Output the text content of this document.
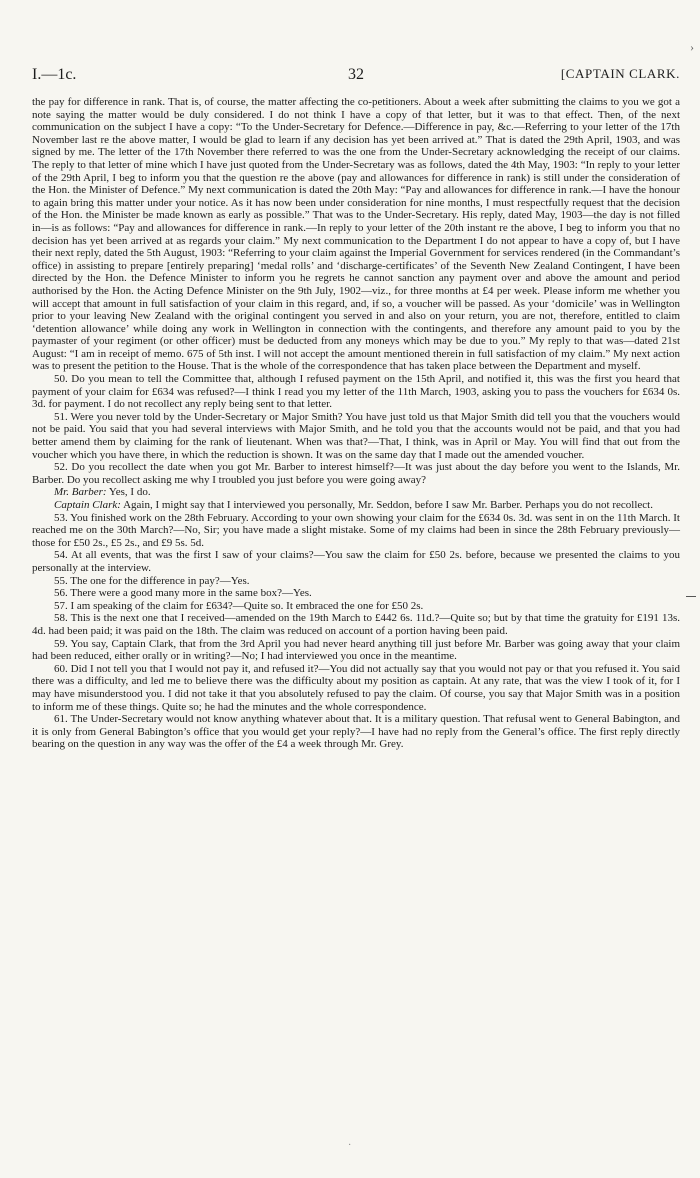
›
I.—1c.	32	[CAPTAIN CLARK.

the pay for difference in rank. That is, of course, the matter affecting the co-petitioners. About a week after submitting the claims to you we got a note saying the matter would be duly considered. I do not think I have a copy of that letter, but it was to that effect. Then, of the next communication on the subject I have a copy: “To the Under-Secretary for Defence.—Difference in pay, &c.—Referring to your letter of the 17th November last re the above matter, I would be glad to learn if any decision has yet been arrived at.” That is dated the 29th April, 1903, and was signed by me. The letter of the 17th November there referred to was the one from the Under-Secretary acknowledging the receipt of our claims. The reply to that letter of mine which I have just quoted from the Under-Secretary was as follows, dated the 4th May, 1903: “In reply to your letter of the 29th April, I beg to inform you that the question re the above (pay and allowances for difference in rank) is still under the consideration of the Hon. the Minister of Defence.” My next communication is dated the 20th May: “Pay and allowances for difference in rank.—I have the honour to again bring this matter under your notice. As it has now been under consideration for nine months, I must respectfully request that the decision of the Hon. the Minister be made known as early as possible.” That was to the Under-Secretary. His reply, dated May, 1903—the day is not filled in—is as follows: “Pay and allowances for difference in rank.—In reply to your letter of the 20th instant re the above, I beg to inform you that no decision has yet been arrived at as regards your claim.” My next communication to the Department I do not appear to have a copy of, but I have their next reply, dated the 5th August, 1903: “Referring to your claim against the Imperial Government for services rendered (in the Commandant’s office) in assisting to prepare [entirely preparing] ‘medal rolls’ and ‘discharge-certificates’ of the Seventh New Zealand Contingent, I have been directed by the Hon. the Defence Minister to inform you he regrets he cannot sanction any payment over and above the amount and period authorised by the Hon. the Acting Defence Minister on the 9th July, 1902—viz., for three months at £4 per week. Please inform me whether you will accept that amount in full satisfaction of your claim in this regard, and, if so, a voucher will be passed. As your ‘domicile’ was in Wellington prior to your leaving New Zealand with the original contingent you served in and also on your return, you are not, therefore, entitled to claim ‘detention allowance’ while doing any work in Wellington in connection with the contingents, and therefore any amount paid to you by the paymaster of your regiment (or other officer) must be deducted from any moneys which may be due to you.” My reply to that was—dated 21st August: “I am in receipt of memo. 675 of 5th inst. I will not accept the amount mentioned therein in full satisfaction of my claim.” My next action was to present the petition to the House. That is the whole of the correspondence that has taken place between the Department and myself.

50. Do you mean to tell the Committee that, although I refused payment on the 15th April, and notified it, this was the first you heard that payment of your claim for £634 was refused?—I think I read you my letter of the 11th March, 1903, asking you to pass the vouchers for £634 0s. 3d. for payment. I do not recollect any reply being sent to that letter.

51. Were you never told by the Under-Secretary or Major Smith? You have just told us that Major Smith did tell you that the vouchers would not be paid. You said that you had several interviews with Major Smith, and he told you that the accounts would not be paid, and that you had better amend them by claiming for the rank of lieutenant. When was that?—That, I think, was in April or May. You will find that out from the voucher which you have there, in which the reduction is shown. It was on the same day that I made out the amended voucher.

52. Do you recollect the date when you got Mr. Barber to interest himself?—It was just about the day before you went to the Islands, Mr. Barber. Do you recollect asking me why I troubled you just before you were going away?

Mr. Barber: Yes, I do.

Captain Clark: Again, I might say that I interviewed you personally, Mr. Seddon, before I saw Mr. Barber. Perhaps you do not recollect.

53. You finished work on the 28th February. According to your own showing your claim for the £634 0s. 3d. was sent in on the 11th March. It reached me on the 30th March?—No, Sir; you have made a slight mistake. Some of my claims had been in since the 28th February previously—those for £50 2s., £5 2s., and £9 5s. 5d.

54. At all events, that was the first I saw of your claims?—You saw the claim for £50 2s. before, because we presented the claims to you personally at the interview.

55. The one for the difference in pay?—Yes.

56. There were a good many more in the same box?—Yes.

57. I am speaking of the claim for £634?—Quite so. It embraced the one for £50 2s.

58. This is the next one that I received—amended on the 19th March to £442 6s. 11d.?—Quite so; but by that time the gratuity for £191 13s. 4d. had been paid; it was paid on the 18th. The claim was reduced on account of a portion having been paid.

59. You say, Captain Clark, that from the 3rd April you had never heard anything till just before Mr. Barber was going away that your claim had been reduced, either orally or in writing?—No; I had interviewed you once in the meantime.

60. Did I not tell you that I would not pay it, and refused it?—You did not actually say that you would not pay or that you refused it. You said there was a difficulty, and led me to believe there was the difficulty about my position as captain. At any rate, that was the view I took of it, for I may have misunderstood you. I did not take it that you absolutely refused to pay the claim. Of course, you say that Major Smith was in a position to inform me of these things. Quite so; he had the minutes and the whole correspondence.

61. The Under-Secretary would not know anything whatever about that. It is a military question. That refusal went to General Babington, and it is only from General Babington’s office that you would get your reply?—I have had no reply from the General’s office. The first reply directly bearing on the question in any way was the offer of the £4 a week through Mr. Grey.

·
